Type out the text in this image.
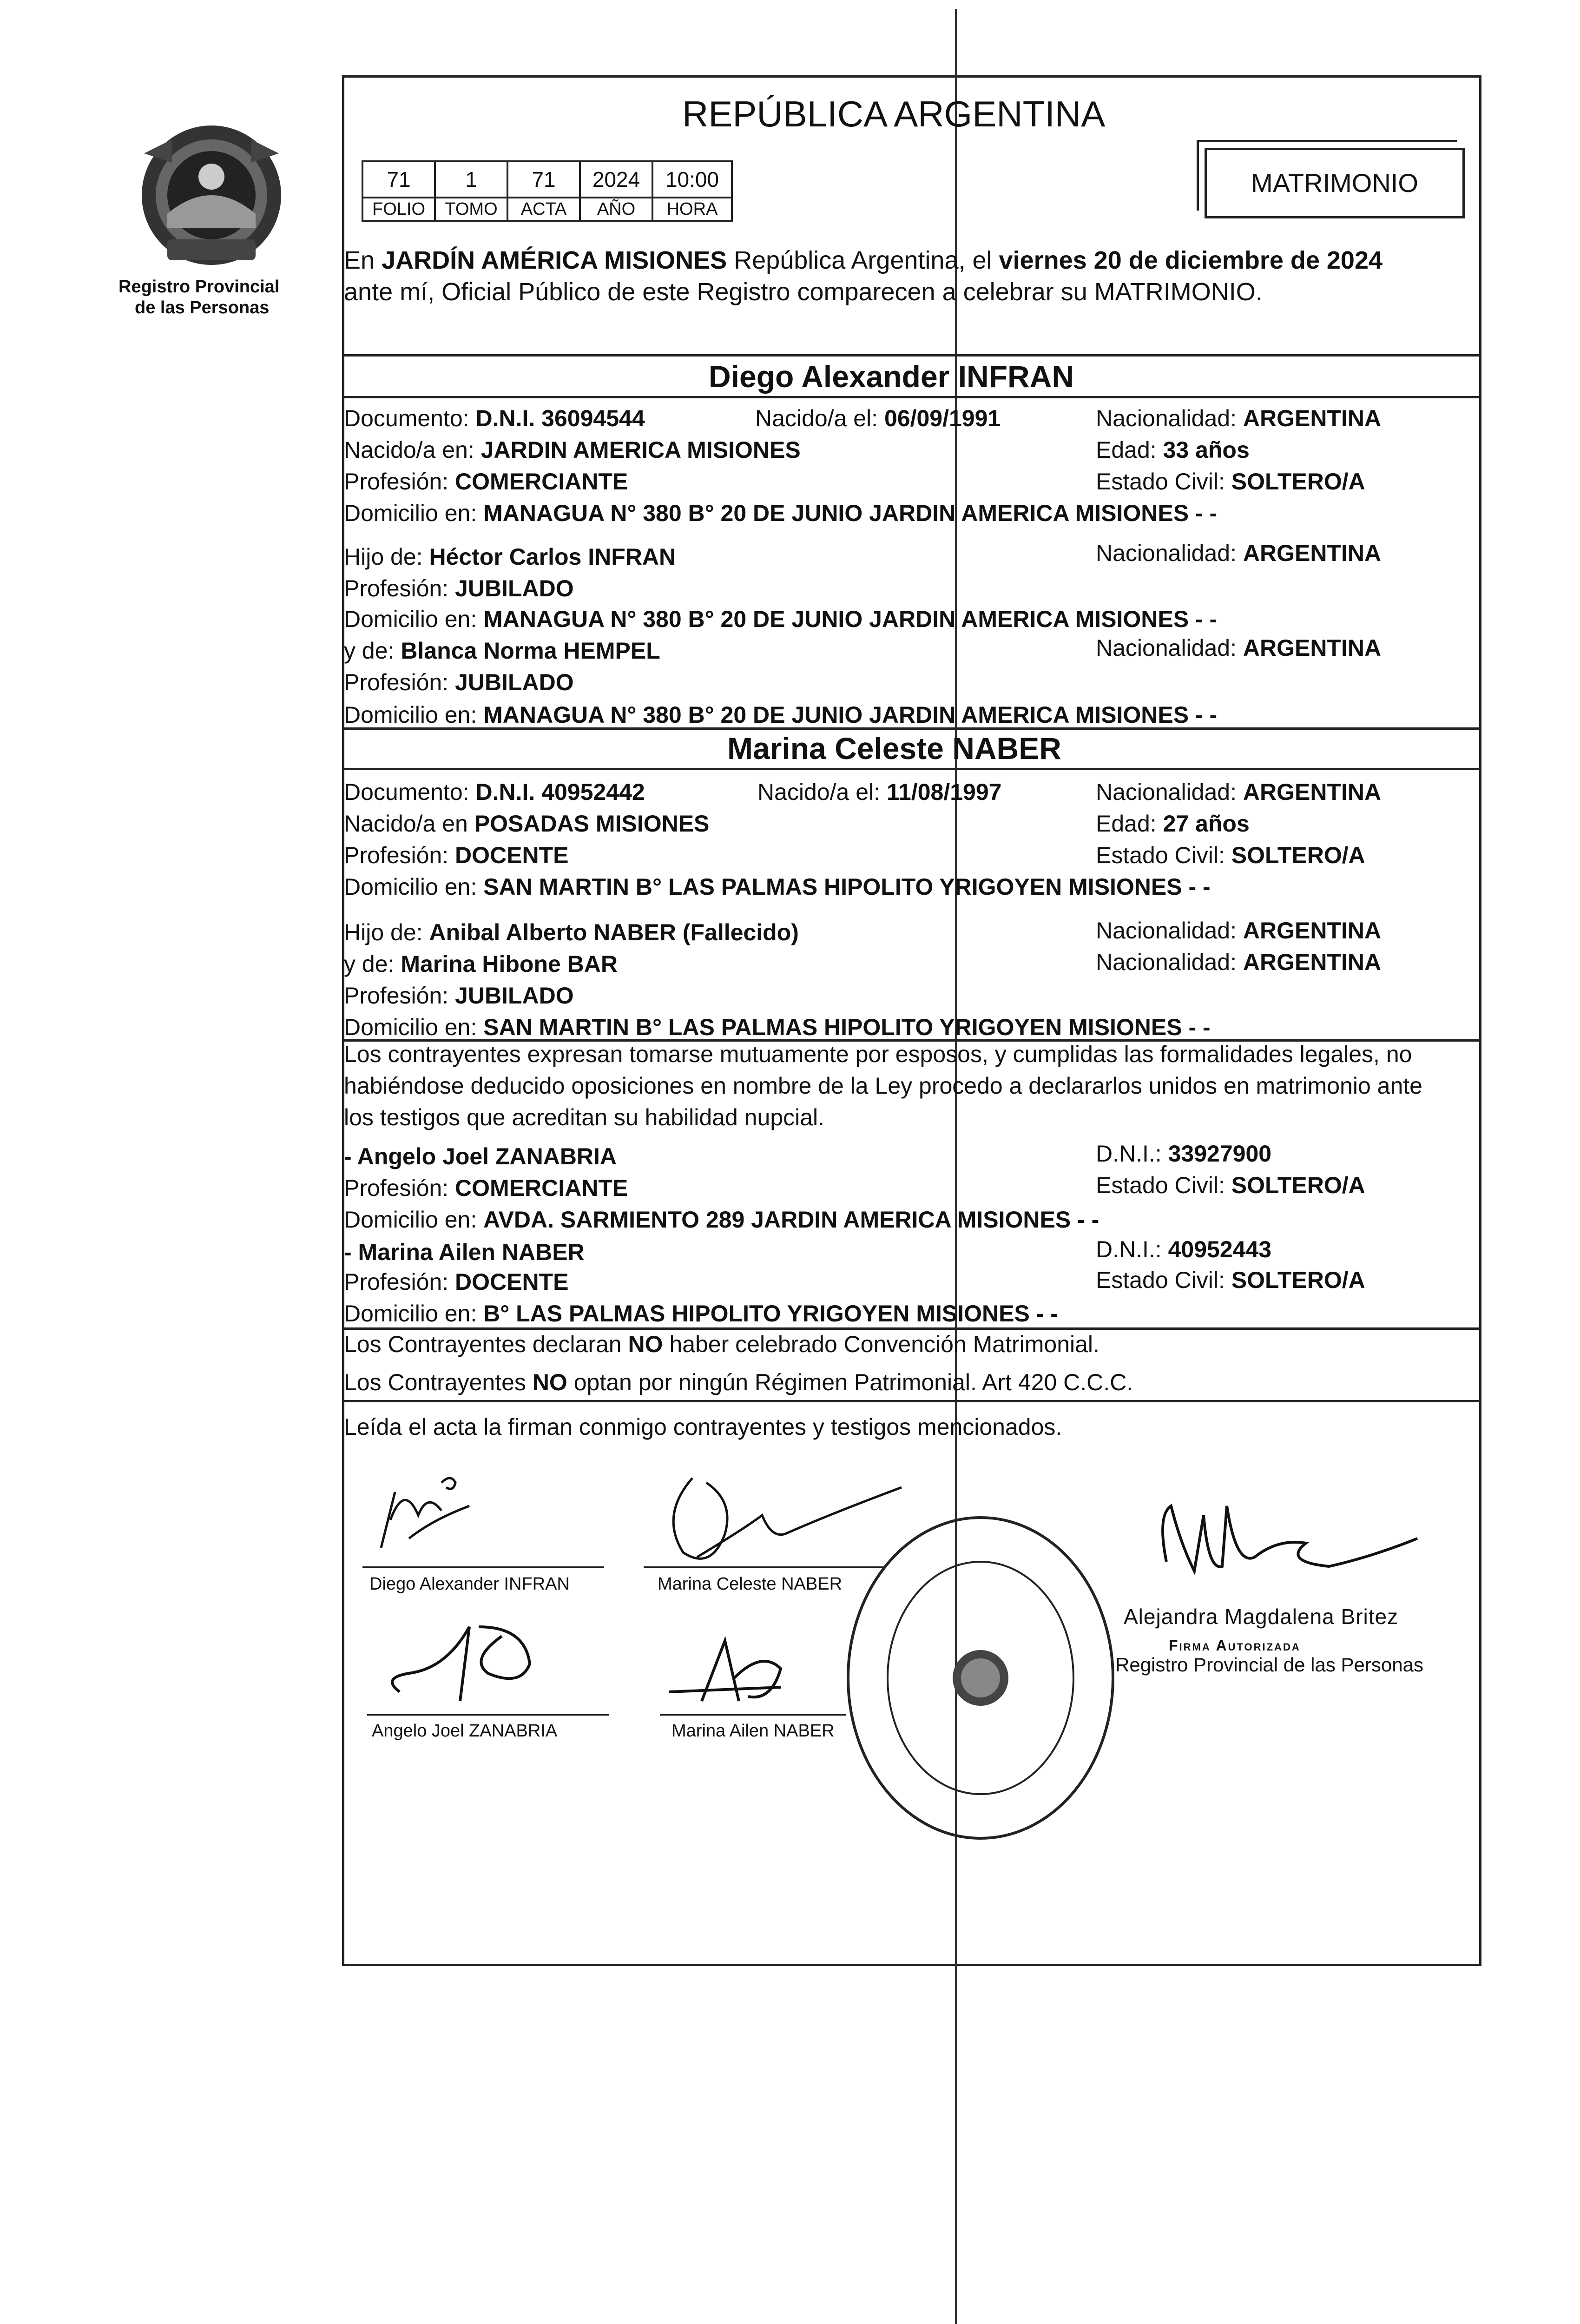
Registro Provincial
de las Personas
REPÚBLICA ARGENTINA
71	1	71	2024	10:00
FOLIO	TOMO	ACTA	AÑO	HORA
MATRIMONIO
En JARDÍN AMÉRICA MISIONES República Argentina, el viernes 20 de diciembre de 2024
ante mí, Oficial Público de este Registro comparecen a celebrar su MATRIMONIO.
Diego Alexander INFRAN
Documento: D.N.I. 36094544	Nacido/a el: 06/09/1991	Nacionalidad: ARGENTINA
Nacido/a en: JARDIN AMERICA MISIONES	Edad: 33 años
Profesión: COMERCIANTE	Estado Civil: SOLTERO/A
Domicilio en: MANAGUA N° 380 B° 20 DE JUNIO JARDIN AMERICA MISIONES - -
Hijo de: Héctor Carlos INFRAN	Nacionalidad: ARGENTINA
Profesión: JUBILADO
Domicilio en: MANAGUA N° 380 B° 20 DE JUNIO JARDIN AMERICA MISIONES - -
y de: Blanca Norma HEMPEL	Nacionalidad: ARGENTINA
Profesión: JUBILADO
Domicilio en: MANAGUA N° 380 B° 20 DE JUNIO JARDIN AMERICA MISIONES - -
Marina Celeste NABER
Documento: D.N.I. 40952442	Nacido/a el: 11/08/1997	Nacionalidad: ARGENTINA
Nacido/a en POSADAS MISIONES	Edad: 27 años
Profesión: DOCENTE	Estado Civil: SOLTERO/A
Domicilio en: SAN MARTIN B° LAS PALMAS HIPOLITO YRIGOYEN MISIONES - -
Hijo de: Anibal Alberto NABER (Fallecido)	Nacionalidad: ARGENTINA
y de: Marina Hibone BAR	Nacionalidad: ARGENTINA
Profesión: JUBILADO
Domicilio en: SAN MARTIN B° LAS PALMAS HIPOLITO YRIGOYEN MISIONES - -
Los contrayentes expresan tomarse mutuamente por esposos, y cumplidas las formalidades legales, no
habiéndose deducido oposiciones en nombre de la Ley procedo a declararlos unidos en matrimonio ante
los testigos que acreditan su habilidad nupcial.
- Angelo Joel ZANABRIA	D.N.I.: 33927900
Profesión: COMERCIANTE	Estado Civil: SOLTERO/A
Domicilio en: AVDA. SARMIENTO 289 JARDIN AMERICA MISIONES - -
- Marina Ailen NABER	D.N.I.: 40952443
Profesión: DOCENTE	Estado Civil: SOLTERO/A
Domicilio en: B° LAS PALMAS HIPOLITO YRIGOYEN MISIONES - -
Los Contrayentes declaran NO haber celebrado Convención Matrimonial.
Los Contrayentes NO optan por ningún Régimen Patrimonial. Art 420 C.C.C.
Leída el acta la firman conmigo contrayentes y testigos mencionados.
Diego Alexander INFRAN	Marina Celeste NABER
Angelo Joel ZANABRIA	Marina Ailen NABER
Alejandra Magdalena Britez
Firma Autorizada
Registro Provincial de las Personas
